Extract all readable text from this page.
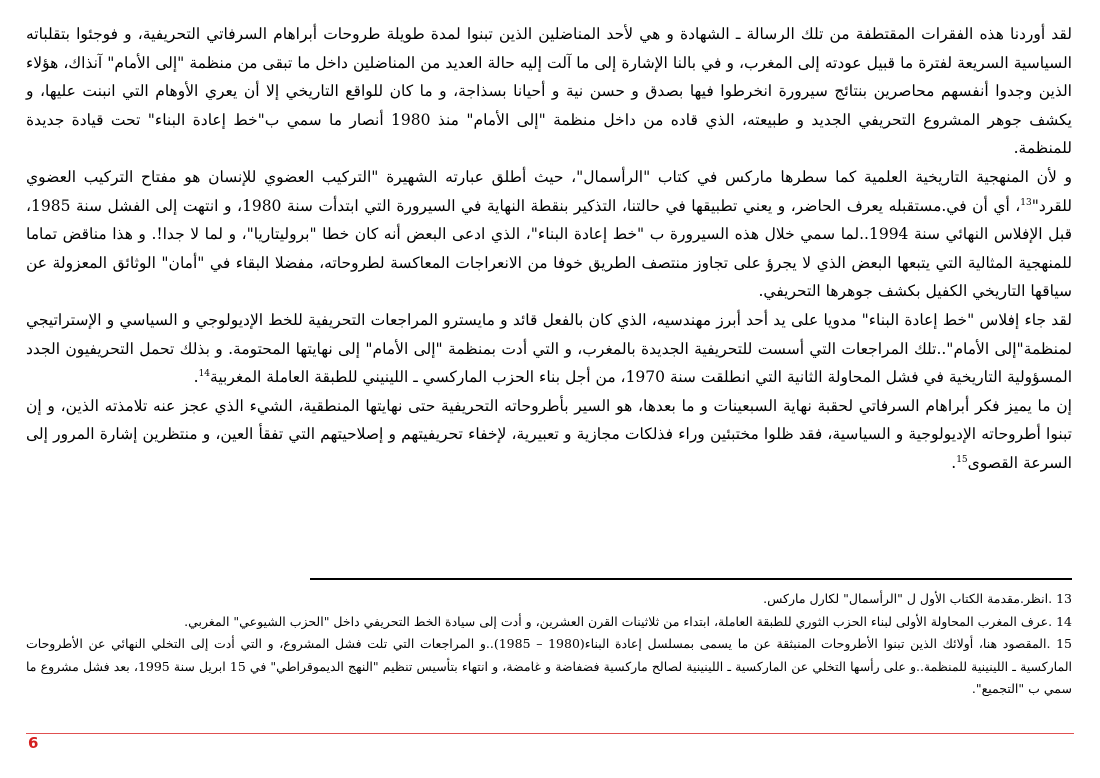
لقد أوردنا هذه الفقرات المقتطفة من تلك الرسالة ـ الشهادة و هي لأحد المناضلين الذين تبنوا لمدة طويلة طروحات أبراهام السرفاتي التحريفية، و فوجئوا بتقلباته السياسية السريعة لفترة ما قبيل عودته إلى المغرب، و في بالنا الإشارة إلى ما آلت إليه حالة العديد من المناضلين داخل ما تبقى من منظمة "إلى الأمام" آنذاك، هؤلاء الذين وجدوا أنفسهم محاصرين بنتائج سيرورة انخرطوا فيها بصدق و حسن نية و أحيانا بسذاجة، و ما كان للواقع التاريخي إلا أن يعري الأوهام التي انبنت عليها، و يكشف جوهر المشروع التحريفي الجديد و طبيعته، الذي قاده من داخل منظمة "إلى الأمام" منذ 1980 أنصار ما سمي ب"خط إعادة البناء" تحت قيادة جديدة للمنظمة.

و لأن المنهجية التاريخية العلمية كما سطرها ماركس في كتاب "الرأسمال"، حيث أطلق عبارته الشهيرة "التركيب العضوي للإنسان هو مفتاح التركيب العضوي للقرد"$^{13}$، أي أن في.مستقبله يعرف الحاضر، و يعني تطبيقها في حالتنا، التذكير بنقطة النهاية في السيرورة التي ابتدأت سنة 1980، و انتهت إلى الفشل سنة 1985، قبل الإفلاس النهائي سنة 1994..لما سمي خلال هذه السيرورة ب "خط إعادة البناء"، الذي ادعى البعض أنه كان خطا "بروليتاريا"، و لما لا جدا!. و هذا مناقض تماما للمنهجية المثالية التي يتبعها البعض الذي لا يجرؤ على تجاوز منتصف الطريق خوفا من الانعراجات المعاكسة لطروحاته، مفضلا البقاء في "أمان" الوثائق المعزولة عن سياقها التاريخي الكفيل بكشف جوهرها التحريفي.

لقد جاء إفلاس "خط إعادة البناء" مدويا على يد أحد أبرز مهندسيه، الذي كان بالفعل قائد و مايسترو المراجعات التحريفية للخط الإديولوجي و السياسي و الإستراتيجي لمنظمة"إلى الأمام"..تلك المراجعات التي أسست للتحريفية الجديدة بالمغرب، و التي أدت بمنظمة "إلى الأمام" إلى نهايتها المحتومة. و بذلك تحمل التحريفيون الجدد المسؤولية التاريخية في فشل المحاولة الثانية التي انطلقت سنة 1970، من أجل بناء الحزب الماركسي ـ اللينيني للطبقة العاملة المغربية$^{14}$.

إن ما يميز فكر أبراهام السرفاتي لحقبة نهاية السبعينات و ما بعدها، هو السير بأطروحاته التحريفية حتى نهايتها المنطقية، الشيء الذي عجز عنه تلامذته الذين، و إن تبنوا أطروحاته الإديولوجية و السياسية، فقد ظلوا مختبئين وراء فذلكات مجازية و تعبيرية، لإخفاء تحريفيتهم و إصلاحيتهم التي تفقأ العين، و منتظرين إشارة المرور إلى السرعة القصوى$^{15}$.

13 .انظر.مقدمة الكتاب الأول ل "الرأسمال" لكارل ماركس.

14 .عرف المغرب المحاولة الأولى لبناء الحزب الثوري للطبقة العاملة، ابتداء من ثلاثينات القرن العشرين، و أدت إلى سيادة الخط التحريفي داخل "الحزب الشيوعي" المغربي.

15 .المقصود هنا، أولائك الذين تبنوا الأطروحات المنبثقة عن ما يسمى بمسلسل إعادة البناء(1980 – 1985)..و المراجعات التي تلت فشل المشروع، و التي أدت إلى التخلي النهائي عن الأطروحات الماركسية ـ اللينينية للمنظمة..و على رأسها التخلي عن الماركسية ـ اللينينية لصالح ماركسية فضفاضة و غامضة، و انتهاء بتأسيس تنظيم "النهج الديموقراطي" في 15 ابريل سنة 1995، بعد فشل مشروع ما سمي ب "التجميع".

6
